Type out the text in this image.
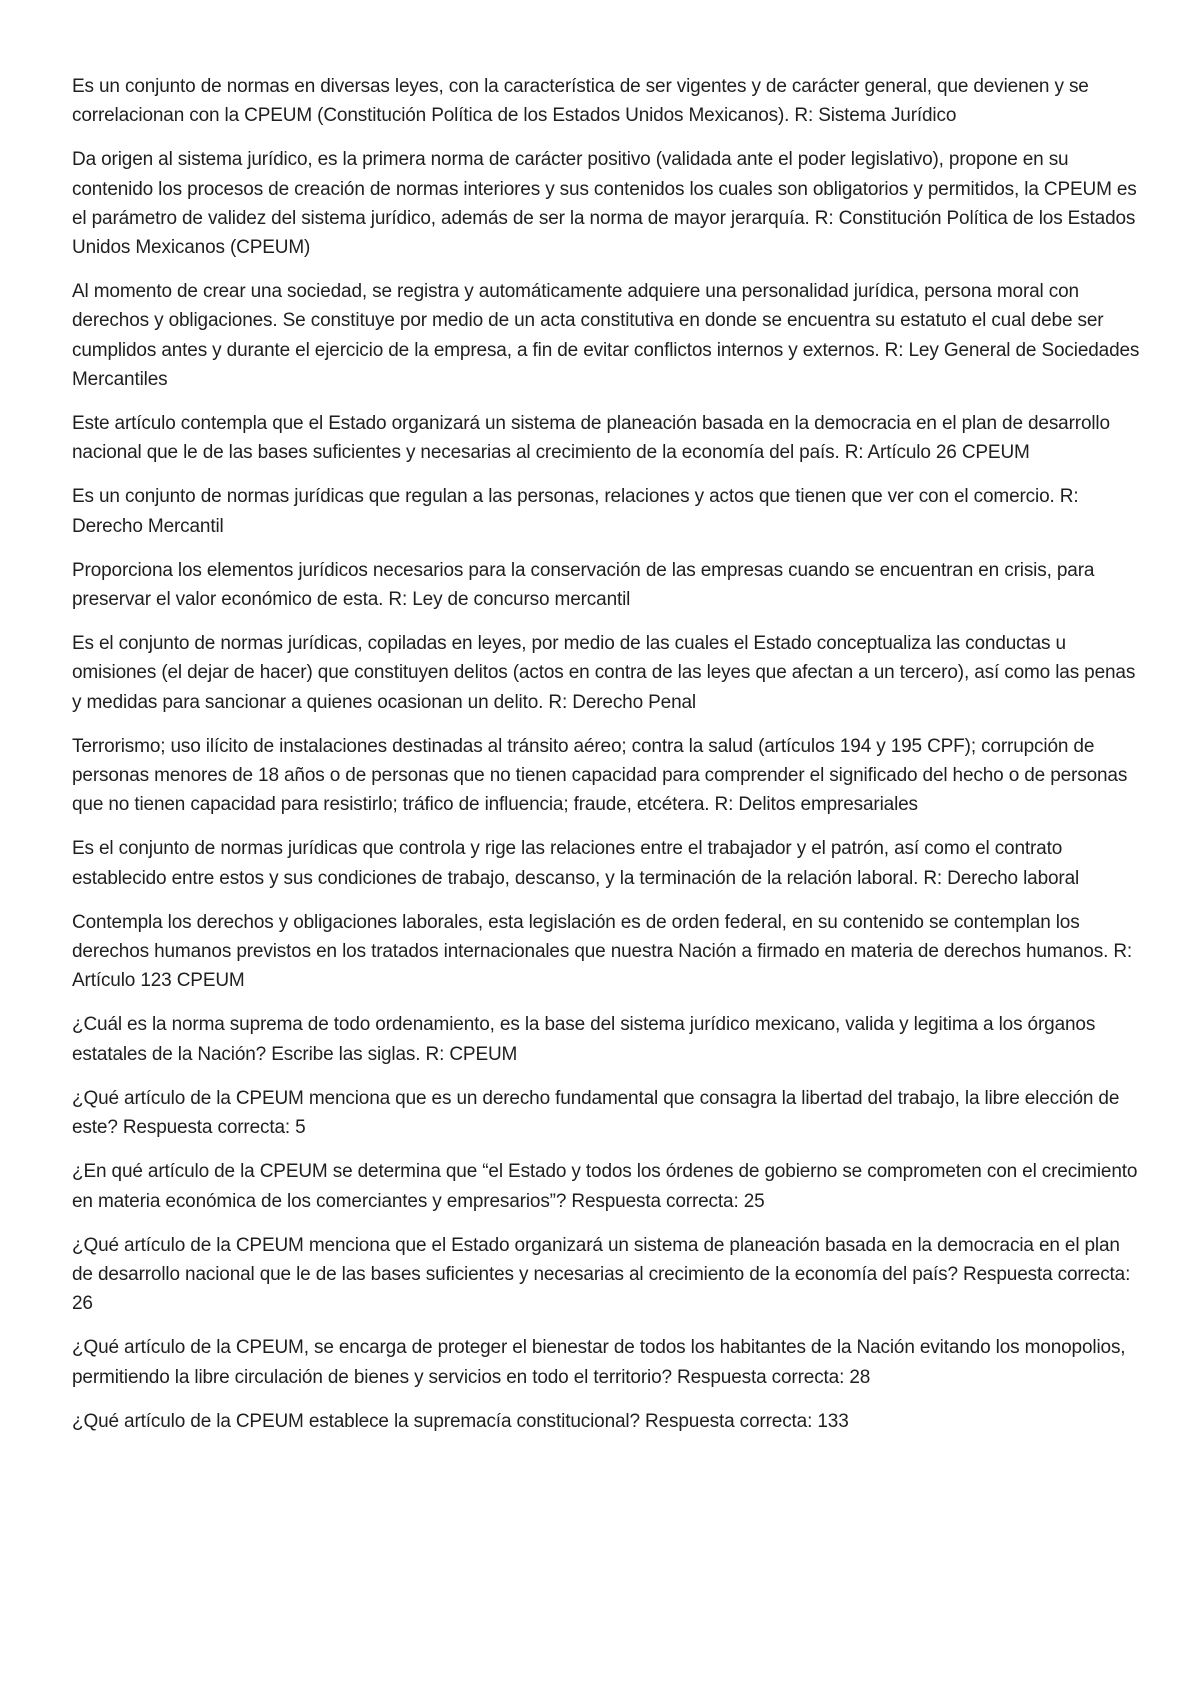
Es un conjunto de normas en diversas leyes, con la característica de ser vigentes y de carácter general, que devienen y se correlacionan con la CPEUM (Constitución Política de los Estados Unidos Mexicanos). R: Sistema Jurídico

Da origen al sistema jurídico, es la primera norma de carácter positivo (validada ante el poder legislativo), propone en su contenido los procesos de creación de normas interiores y sus contenidos los cuales son obligatorios y permitidos, la CPEUM es el parámetro de validez del sistema jurídico, además de ser la norma de mayor jerarquía. R: Constitución Política de los Estados Unidos Mexicanos (CPEUM)

Al momento de crear una sociedad, se registra y automáticamente adquiere una personalidad jurídica, persona moral con derechos y obligaciones. Se constituye por medio de un acta constitutiva en donde se encuentra su estatuto el cual debe ser cumplidos antes y durante el ejercicio de la empresa, a fin de evitar conflictos internos y externos. R: Ley General de Sociedades Mercantiles

Este artículo contempla que el Estado organizará un sistema de planeación basada en la democracia en el plan de desarrollo nacional que le de las bases suficientes y necesarias al crecimiento de la economía del país. R: Artículo 26 CPEUM

Es un conjunto de normas jurídicas que regulan a las personas, relaciones y actos que tienen que ver con el comercio. R: Derecho Mercantil

Proporciona los elementos jurídicos necesarios para la conservación de las empresas cuando se encuentran en crisis, para preservar el valor económico de esta. R: Ley de concurso mercantil

Es el conjunto de normas jurídicas, copiladas en leyes, por medio de las cuales el Estado conceptualiza las conductas u omisiones (el dejar de hacer) que constituyen delitos (actos en contra de las leyes que afectan a un tercero), así como las penas y medidas para sancionar a quienes ocasionan un delito. R: Derecho Penal

Terrorismo; uso ilícito de instalaciones destinadas al tránsito aéreo; contra la salud (artículos 194 y 195 CPF); corrupción de personas menores de 18 años o de personas que no tienen capacidad para comprender el significado del hecho o de personas que no tienen capacidad para resistirlo; tráfico de influencia; fraude, etcétera. R: Delitos empresariales

Es el conjunto de normas jurídicas que controla y rige las relaciones entre el trabajador y el patrón, así como el contrato establecido entre estos y sus condiciones de trabajo, descanso, y la terminación de la relación laboral. R: Derecho laboral

Contempla los derechos y obligaciones laborales, esta legislación es de orden federal, en su contenido se contemplan los derechos humanos previstos en los tratados internacionales que nuestra Nación a firmado en materia de derechos humanos. R: Artículo 123 CPEUM

¿Cuál es la norma suprema de todo ordenamiento, es la base del sistema jurídico mexicano, valida y legitima a los órganos estatales de la Nación? Escribe las siglas. R: CPEUM

¿Qué artículo de la CPEUM menciona que es un derecho fundamental que consagra la libertad del trabajo, la libre elección de este? Respuesta correcta: 5

¿En qué artículo de la CPEUM se determina que “el Estado y todos los órdenes de gobierno se comprometen con el crecimiento en materia económica de los comerciantes y empresarios”? Respuesta correcta: 25

¿Qué artículo de la CPEUM menciona que el Estado organizará un sistema de planeación basada en la democracia en el plan de desarrollo nacional que le de las bases suficientes y necesarias al crecimiento de la economía del país? Respuesta correcta: 26

¿Qué artículo de la CPEUM, se encarga de proteger el bienestar de todos los habitantes de la Nación evitando los monopolios, permitiendo la libre circulación de bienes y servicios en todo el territorio? Respuesta correcta: 28

¿Qué artículo de la CPEUM establece la supremacía constitucional? Respuesta correcta: 133
